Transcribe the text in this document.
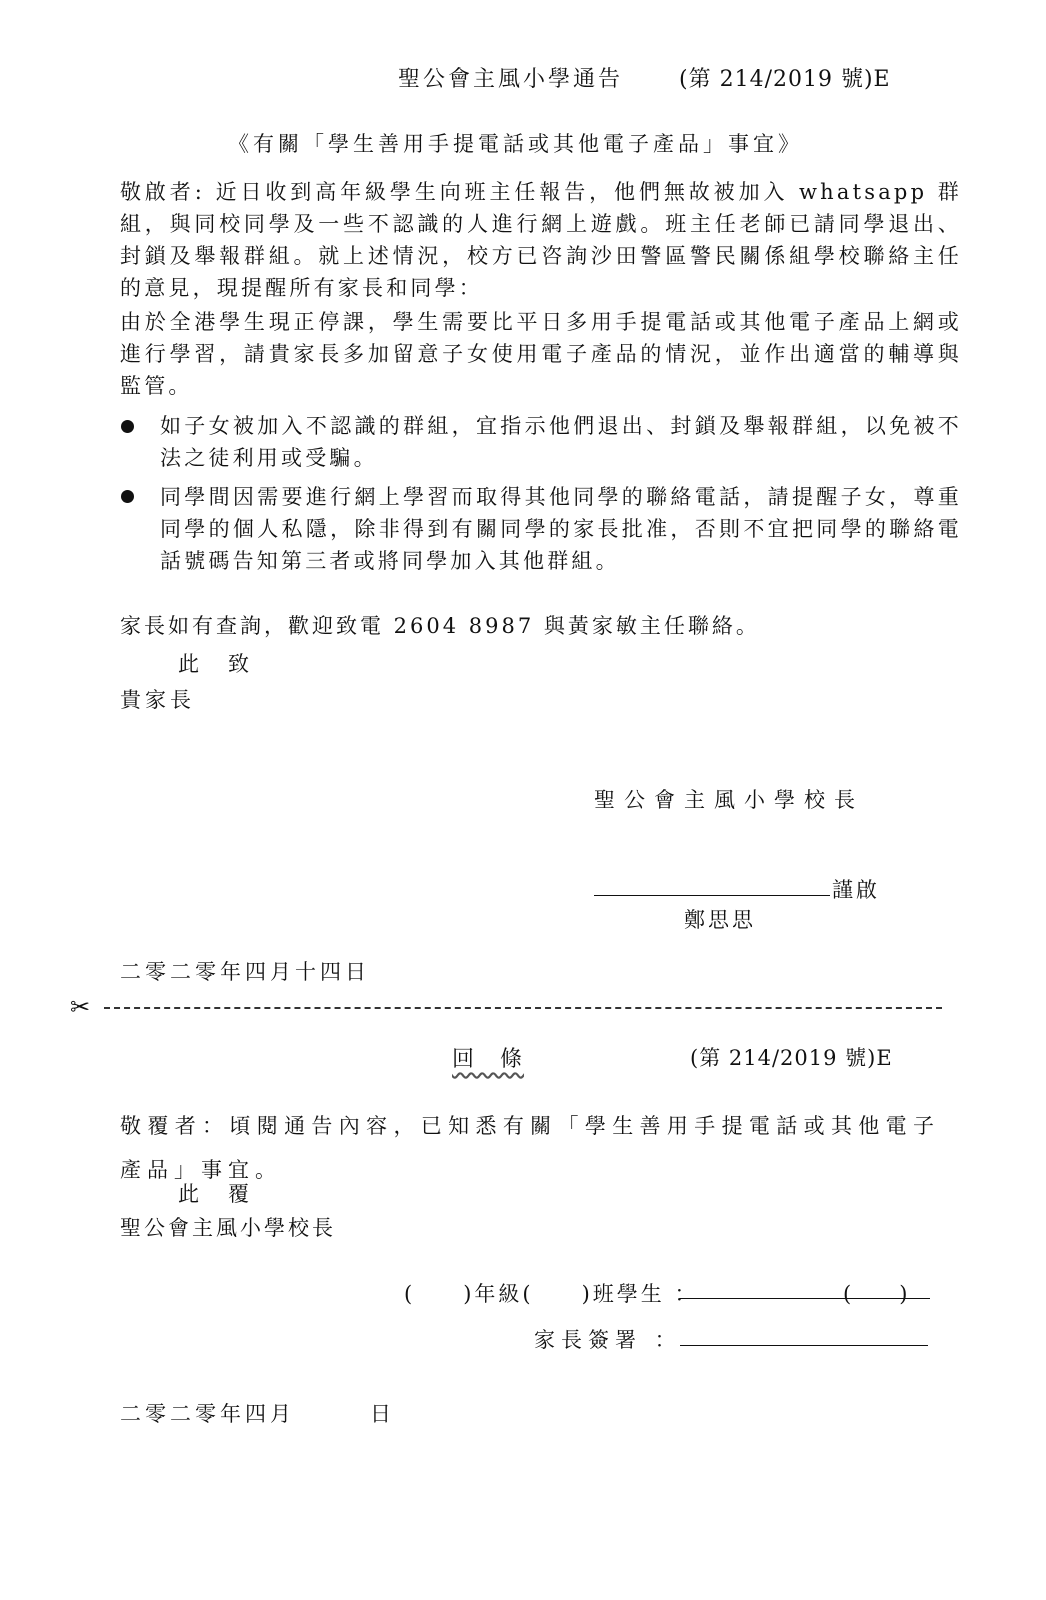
聖公會主風小學通告	(第 214/2019 號)E
《有關「學生善用手提電話或其他電子產品」事宜》
敬啟者: 近日收到高年級學生向班主任報告，他們無故被加入 whatsapp 群組，與同校同學及一些不認識的人進行網上遊戲。班主任老師已請同學退出、封鎖及舉報群組。就上述情況，校方已咨詢沙田警區警民關係組學校聯絡主任的意見，現提醒所有家長和同學：
由於全港學生現正停課，學生需要比平日多用手提電話或其他電子產品上網或進行學習，請貴家長多加留意子女使用電子產品的情況，並作出適當的輔導與監管。
如子女被加入不認識的群組，宜指示他們退出、封鎖及舉報群組，以免被不法之徒利用或受騙。
同學間因需要進行網上學習而取得其他同學的聯絡電話，請提醒子女，尊重同學的個人私隱，除非得到有關同學的家長批准，否則不宜把同學的聯絡電話號碼告知第三者或將同學加入其他群組。
家長如有查詢，歡迎致電 2604 8987 與黃家敏主任聯絡。
此　致
貴家長
聖公會主風小學校長
謹啟
鄭思思
二零二零年四月十四日
✂
回　條	(第 214/2019 號)E
敬覆者：頃閱通告內容，已知悉有關「學生善用手提電話或其他電子產品」事宜。
此　覆
聖公會主風小學校長
(　　)年級(　　)班學生 ：	(　　)
家長簽署 ：
二零二零年四月　　　日
